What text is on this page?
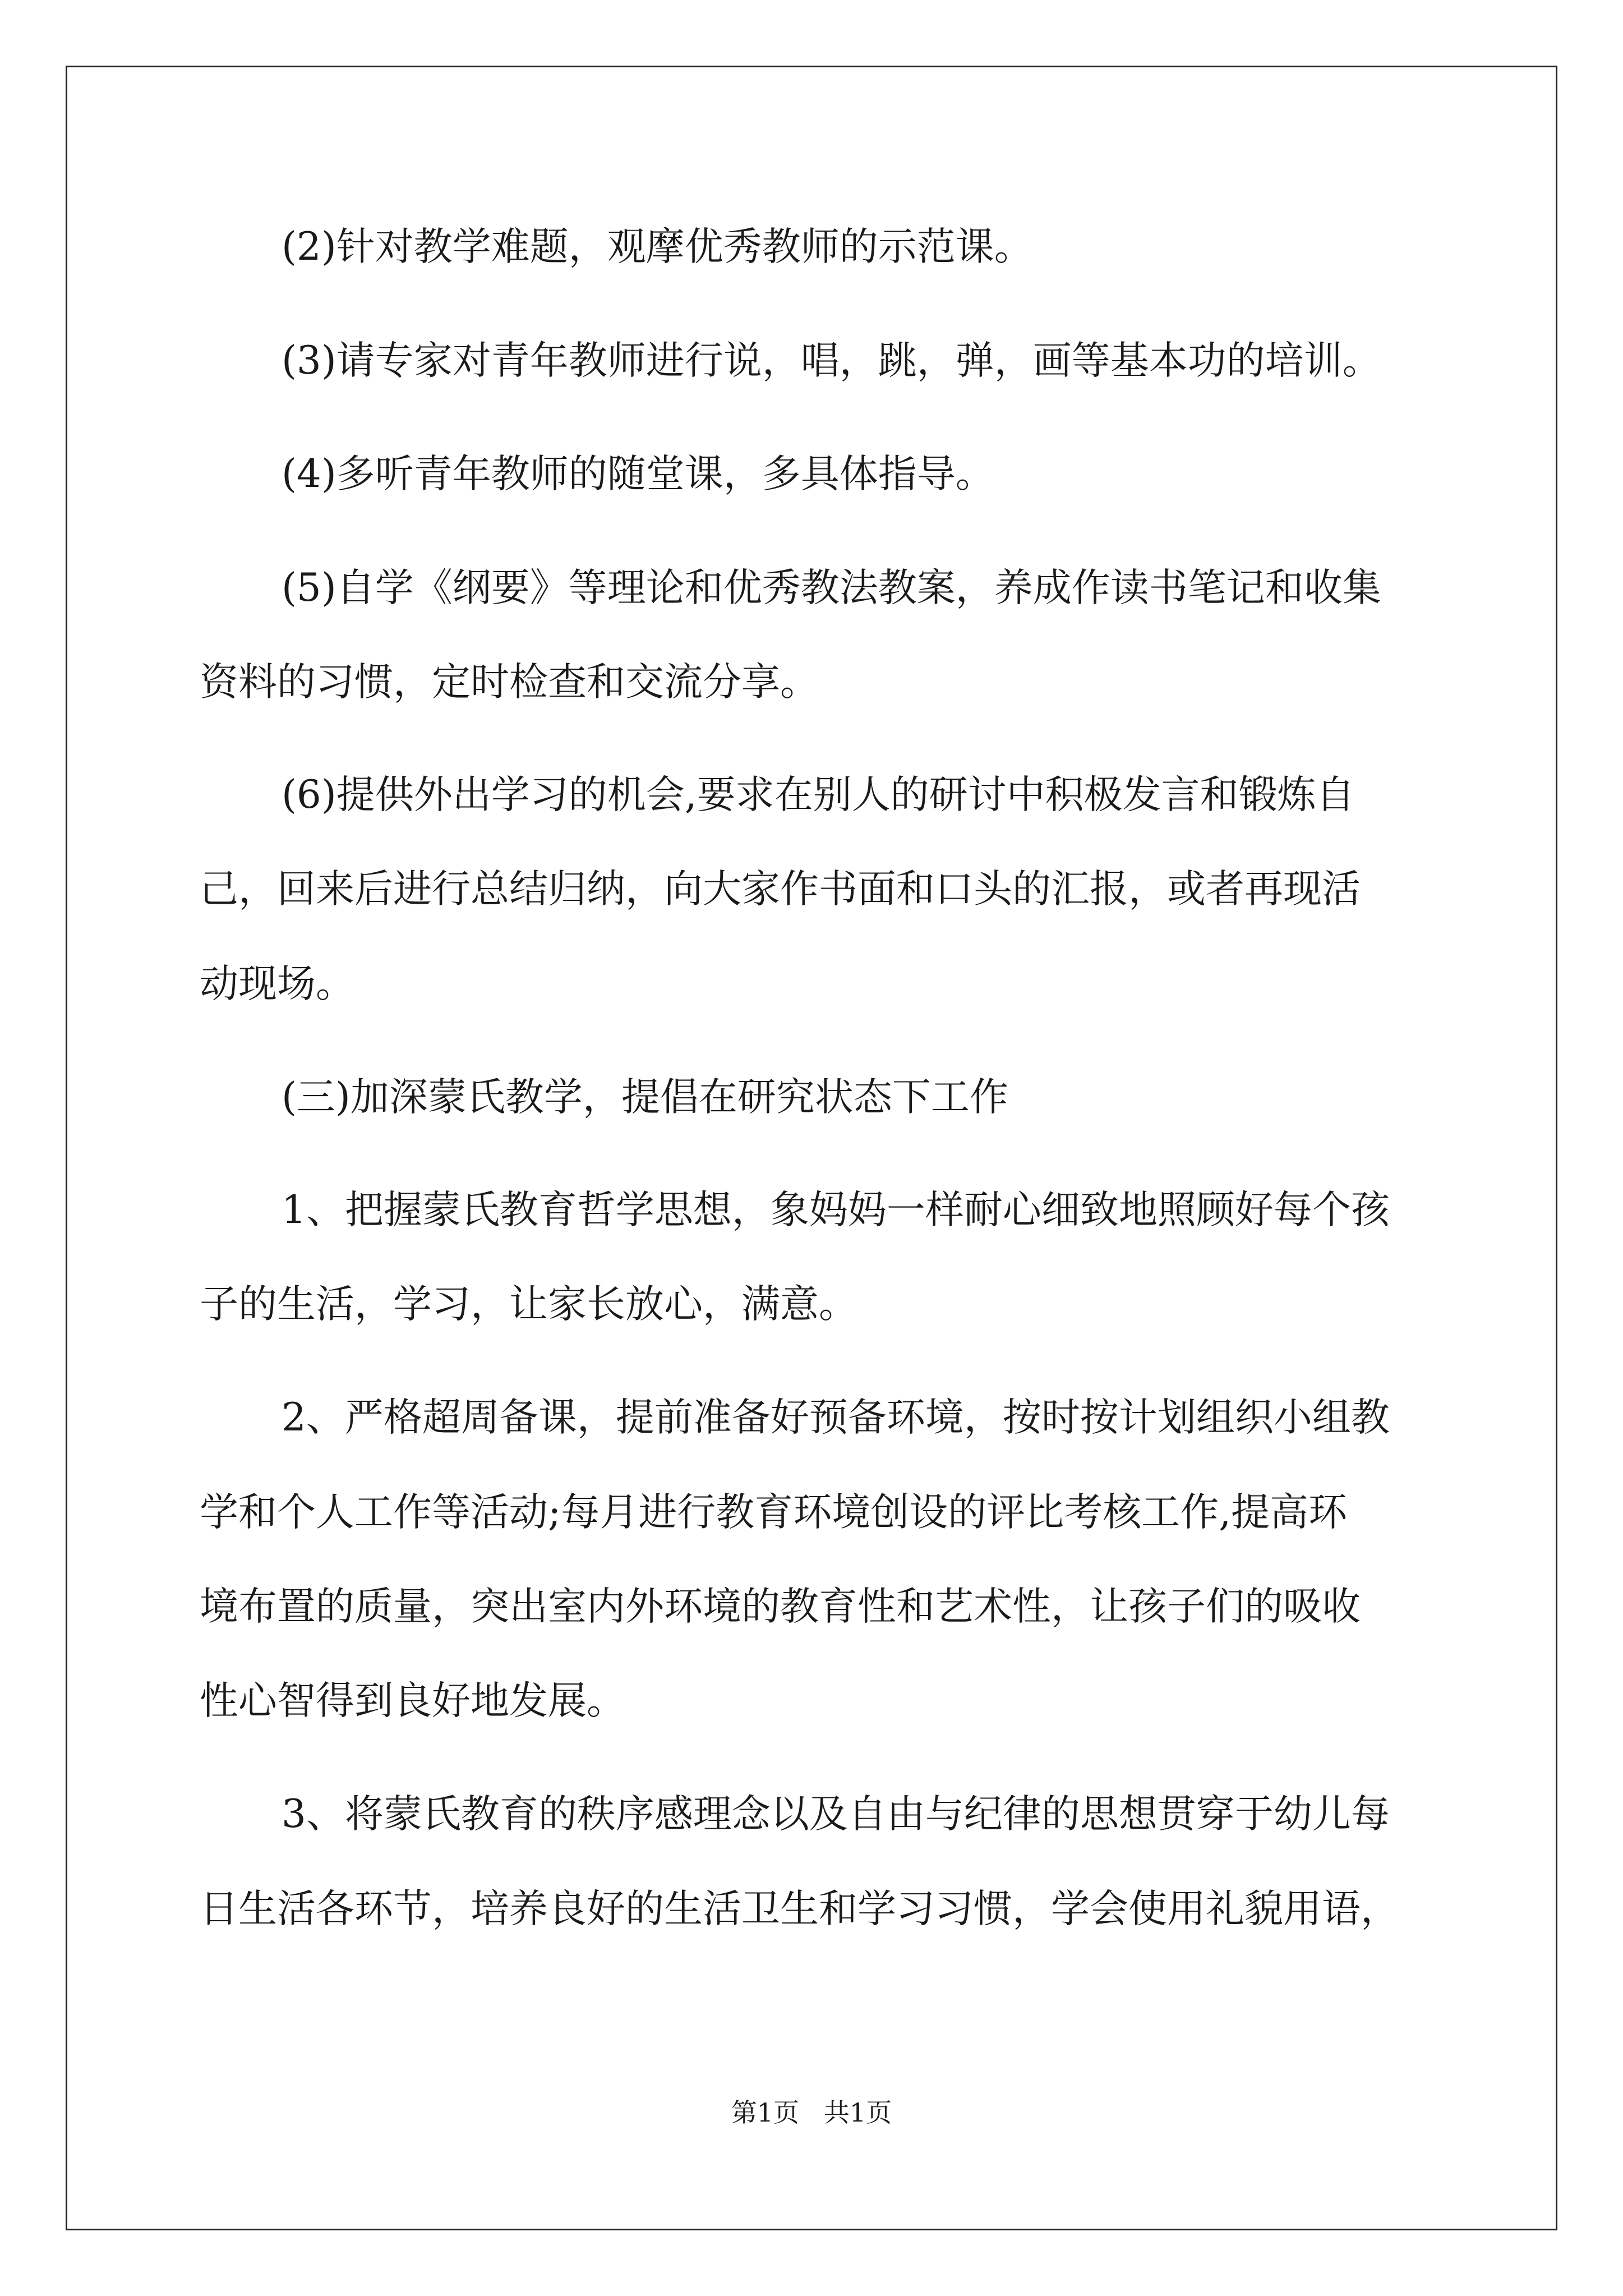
(2)针对教学难题，观摩优秀教师的示范课。
(3)请专家对青年教师进行说，唱，跳，弹，画等基本功的培训。
(4)多听青年教师的随堂课，多具体指导。
(5)自学《纲要》等理论和优秀教法教案，养成作读书笔记和收集
资料的习惯，定时检查和交流分享。
(6)提供外出学习的机会,要求在别人的研讨中积极发言和锻炼自
己，回来后进行总结归纳，向大家作书面和口头的汇报，或者再现活
动现场。
(三)加深蒙氏教学，提倡在研究状态下工作
1、把握蒙氏教育哲学思想，象妈妈一样耐心细致地照顾好每个孩
子的生活，学习，让家长放心，满意。
2、严格超周备课，提前准备好预备环境，按时按计划组织小组教
学和个人工作等活动;每月进行教育环境创设的评比考核工作,提高环
境布置的质量，突出室内外环境的教育性和艺术性，让孩子们的吸收
性心智得到良好地发展。
3、将蒙氏教育的秩序感理念以及自由与纪律的思想贯穿于幼儿每
日生活各环节，培养良好的生活卫生和学习习惯，学会使用礼貌用语，
第1页   共1页
